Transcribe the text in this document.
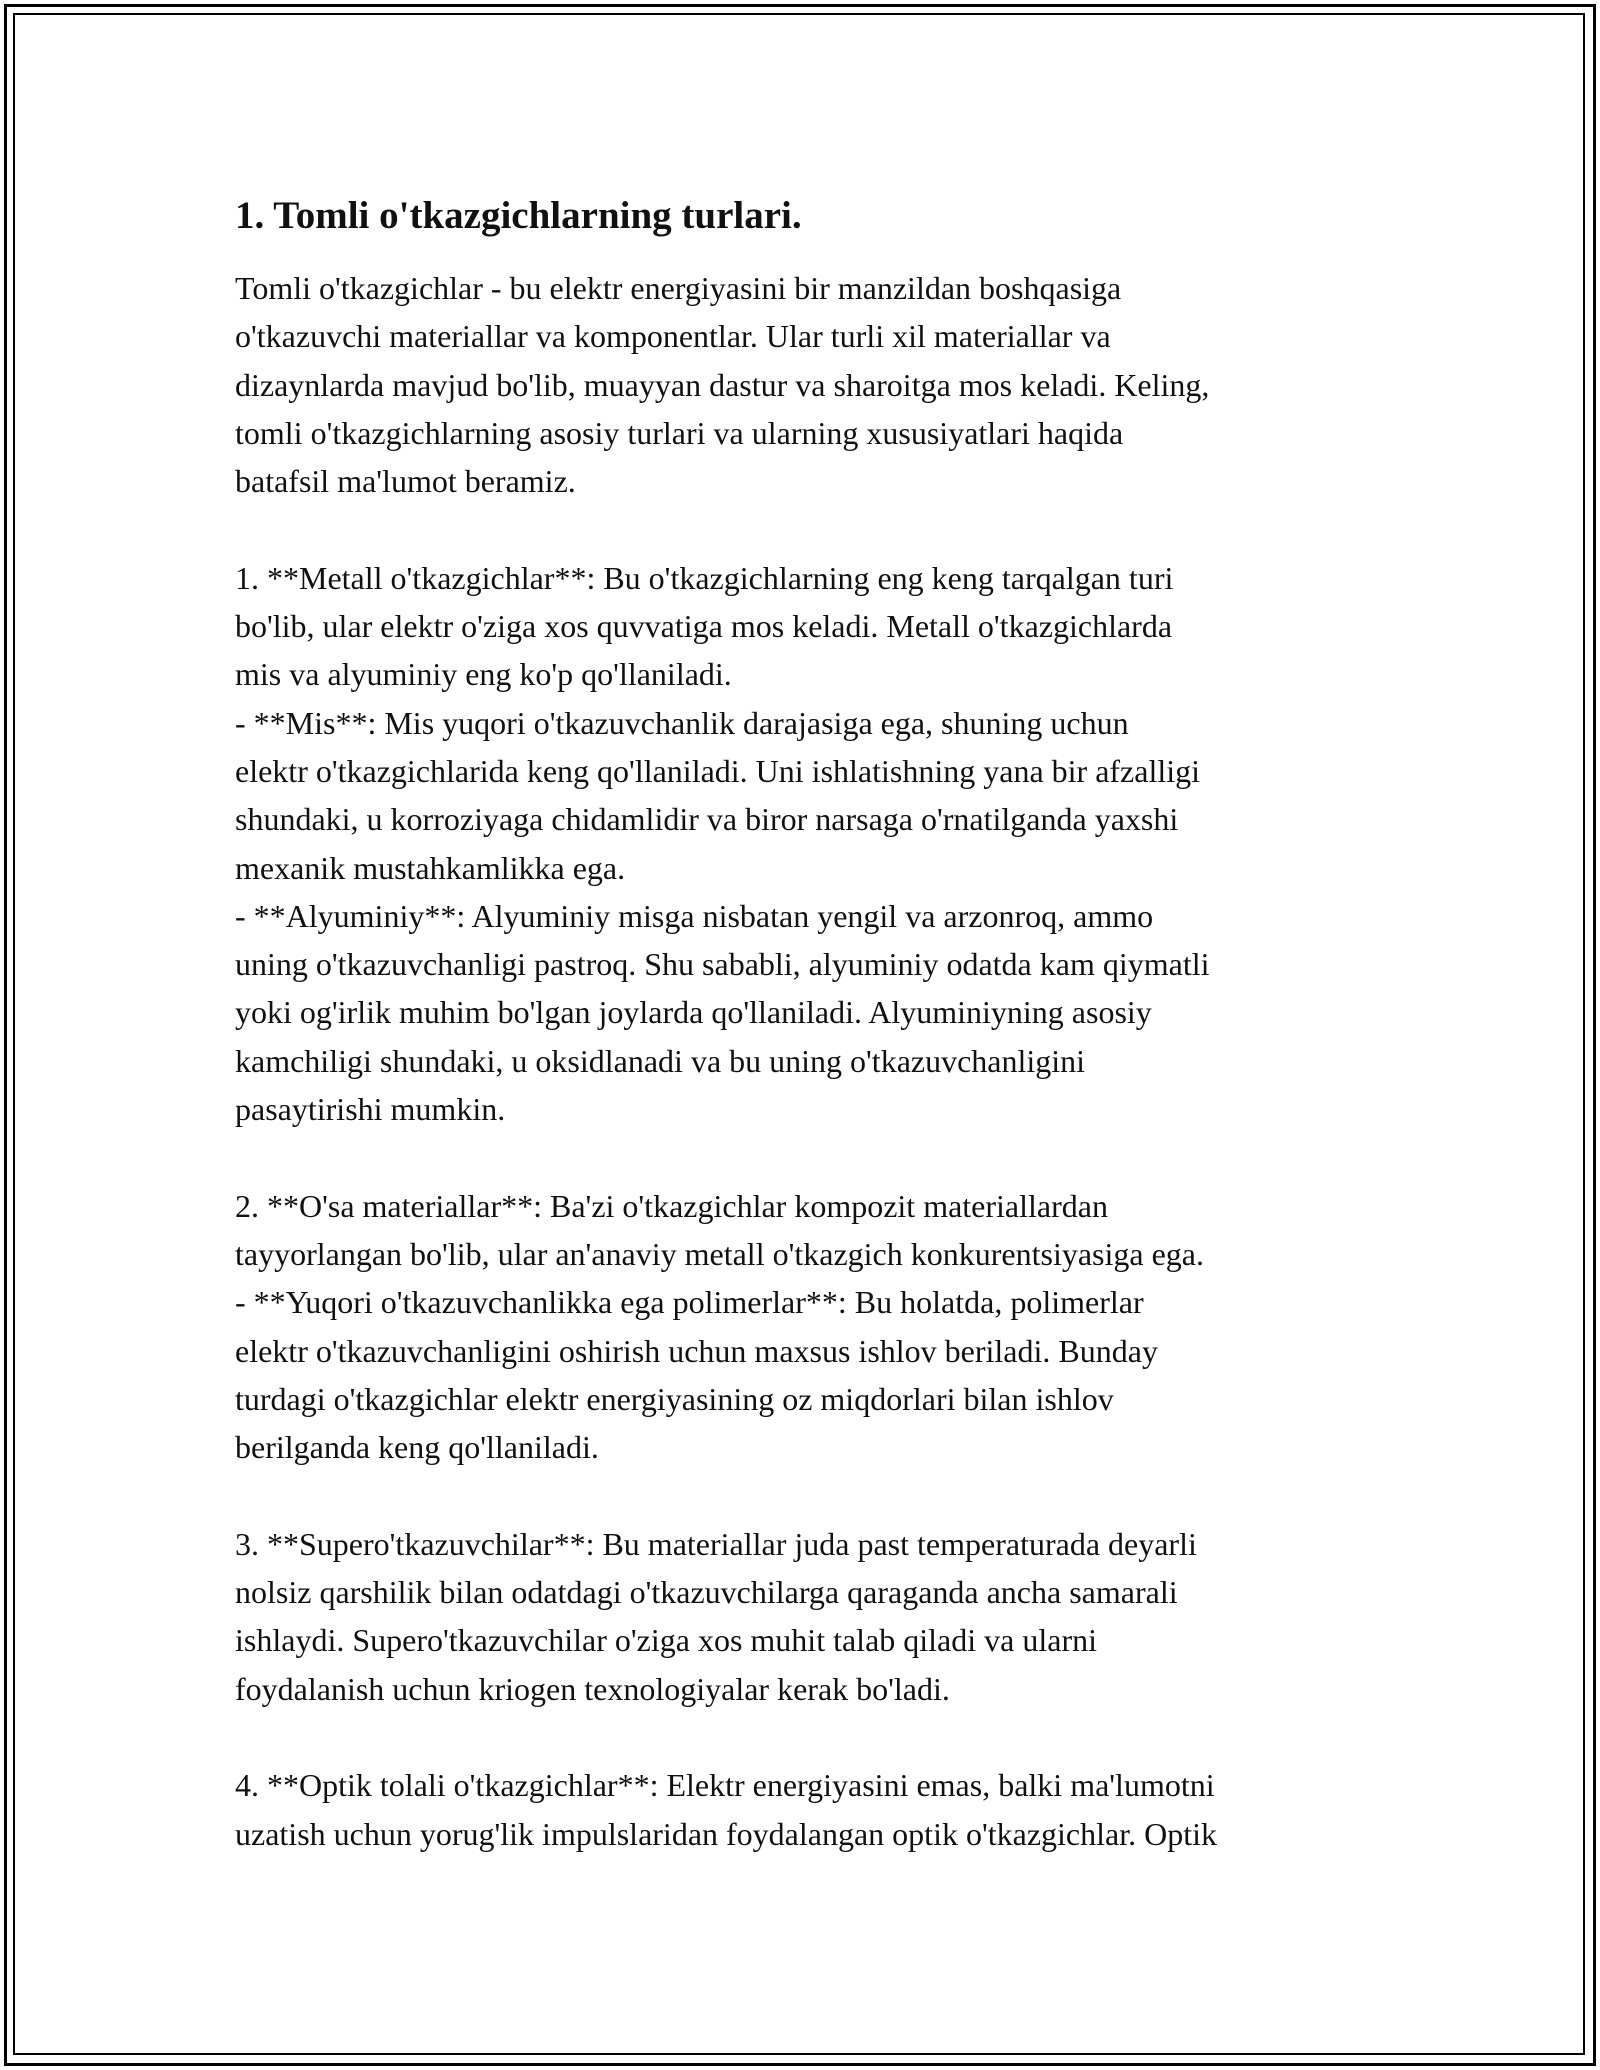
1. Tomli o'tkazgichlarning turlari.

Tomli o'tkazgichlar - bu elektr energiyasini bir manzildan boshqasiga
o'tkazuvchi materiallar va komponentlar. Ular turli xil materiallar va
dizaynlarda mavjud bo'lib, muayyan dastur va sharoitga mos keladi. Keling,
tomli o'tkazgichlarning asosiy turlari va ularning xususiyatlari haqida
batafsil ma'lumot beramiz.

1. **Metall o'tkazgichlar**: Bu o'tkazgichlarning eng keng tarqalgan turi
bo'lib, ular elektr o'ziga xos quvvatiga mos keladi. Metall o'tkazgichlarda
mis va alyuminiy eng ko'p qo'llaniladi.
- **Mis**: Mis yuqori o'tkazuvchanlik darajasiga ega, shuning uchun
elektr o'tkazgichlarida keng qo'llaniladi. Uni ishlatishning yana bir afzalligi
shundaki, u korroziyaga chidamlidir va biror narsaga o'rnatilganda yaxshi
mexanik mustahkamlikka ega.
- **Alyuminiy**: Alyuminiy misga nisbatan yengil va arzonroq, ammo
uning o'tkazuvchanligi pastroq. Shu sababli, alyuminiy odatda kam qiymatli
yoki og'irlik muhim bo'lgan joylarda qo'llaniladi. Alyuminiyning asosiy
kamchiligi shundaki, u oksidlanadi va bu uning o'tkazuvchanligini
pasaytirishi mumkin.

2. **O'sa materiallar**: Ba'zi o'tkazgichlar kompozit materiallardan
tayyorlangan bo'lib, ular an'anaviy metall o'tkazgich konkurentsiyasiga ega.
- **Yuqori o'tkazuvchanlikka ega polimerlar**: Bu holatda, polimerlar
elektr o'tkazuvchanligini oshirish uchun maxsus ishlov beriladi. Bunday
turdagi o'tkazgichlar elektr energiyasining oz miqdorlari bilan ishlov
berilganda keng qo'llaniladi.

3. **Supero'tkazuvchilar**: Bu materiallar juda past temperaturada deyarli
nolsiz qarshilik bilan odatdagi o'tkazuvchilarga qaraganda ancha samarali
ishlaydi. Supero'tkazuvchilar o'ziga xos muhit talab qiladi va ularni
foydalanish uchun kriogen texnologiyalar kerak bo'ladi.

4. **Optik tolali o'tkazgichlar**: Elektr energiyasini emas, balki ma'lumotni
uzatish uchun yorug'lik impulslaridan foydalangan optik o'tkazgichlar. Optik
